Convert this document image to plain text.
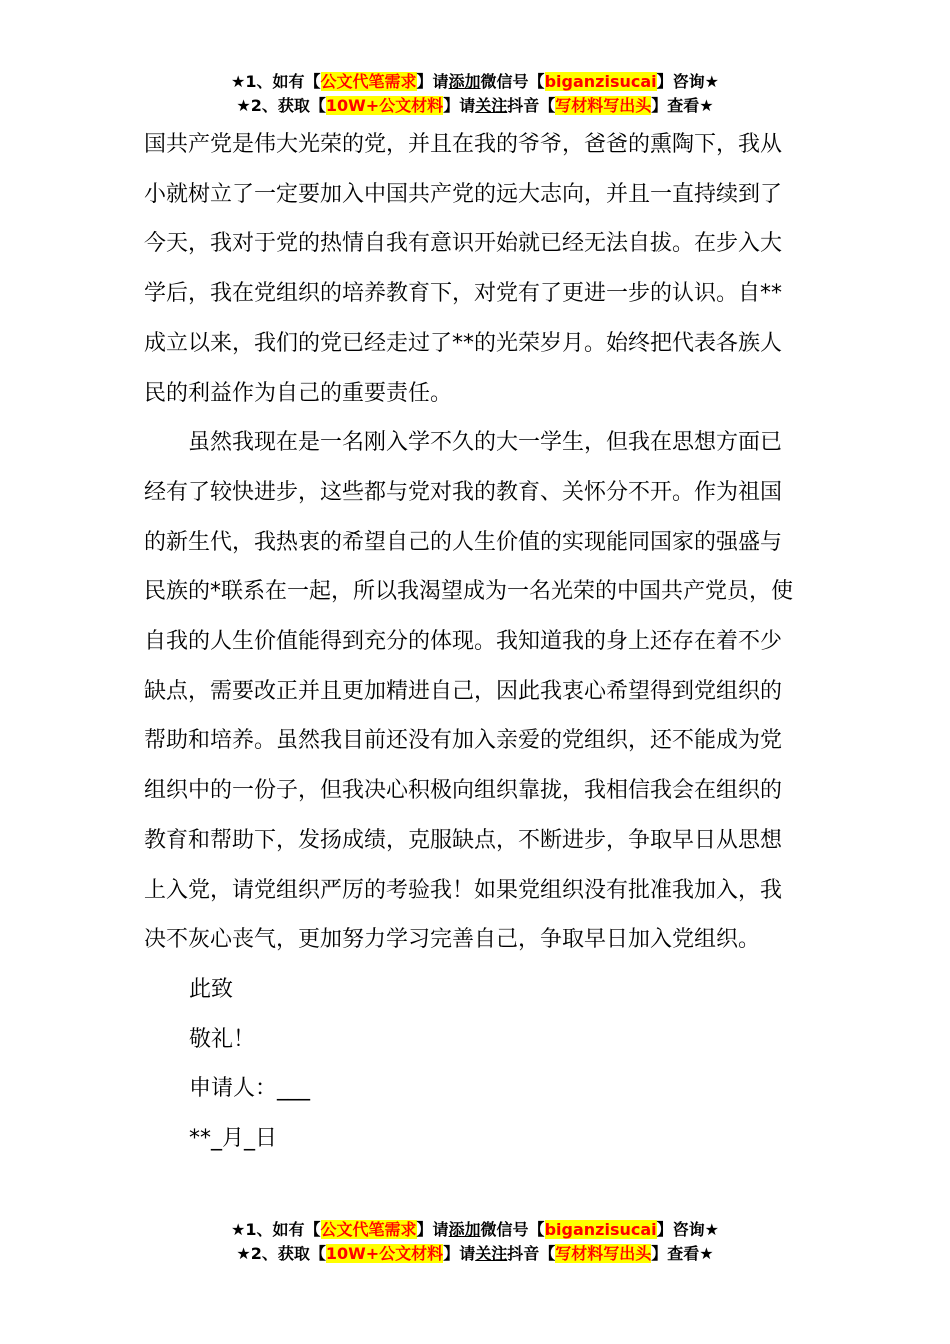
★1、如有【公文代笔需求】请添加微信号【biganzisucai】咨询★
★2、获取【10W+公文材料】请关注抖音【写材料写出头】查看★

国共产党是伟大光荣的党，并且在我的爷爷，爸爸的熏陶下，我从

小就树立了一定要加入中国共产党的远大志向，并且一直持续到了

今天，我对于党的热情自我有意识开始就已经无法自拔。在步入大

学后，我在党组织的培养教育下，对党有了更进一步的认识。自**

成立以来，我们的党已经走过了**的光荣岁月。始终把代表各族人

民的利益作为自己的重要责任。

　　虽然我现在是一名刚入学不久的大一学生，但我在思想方面已

经有了较快进步，这些都与党对我的教育、关怀分不开。作为祖国

的新生代，我热衷的希望自己的人生价值的实现能同国家的强盛与

民族的*联系在一起，所以我渴望成为一名光荣的中国共产党员，使

自我的人生价值能得到充分的体现。我知道我的身上还存在着不少

缺点，需要改正并且更加精进自己，因此我衷心希望得到党组织的

帮助和培养。虽然我目前还没有加入亲爱的党组织，还不能成为党

组织中的一份子，但我决心积极向组织靠拢，我相信我会在组织的

教育和帮助下，发扬成绩，克服缺点，不断进步，争取早日从思想

上入党，请党组织严厉的考验我！如果党组织没有批准我加入，我

决不灰心丧气，更加努力学习完善自己，争取早日加入党组织。

此致

敬礼！

申请人：___

**_月_日

★1、如有【公文代笔需求】请添加微信号【biganzisucai】咨询★
★2、获取【10W+公文材料】请关注抖音【写材料写出头】查看★
